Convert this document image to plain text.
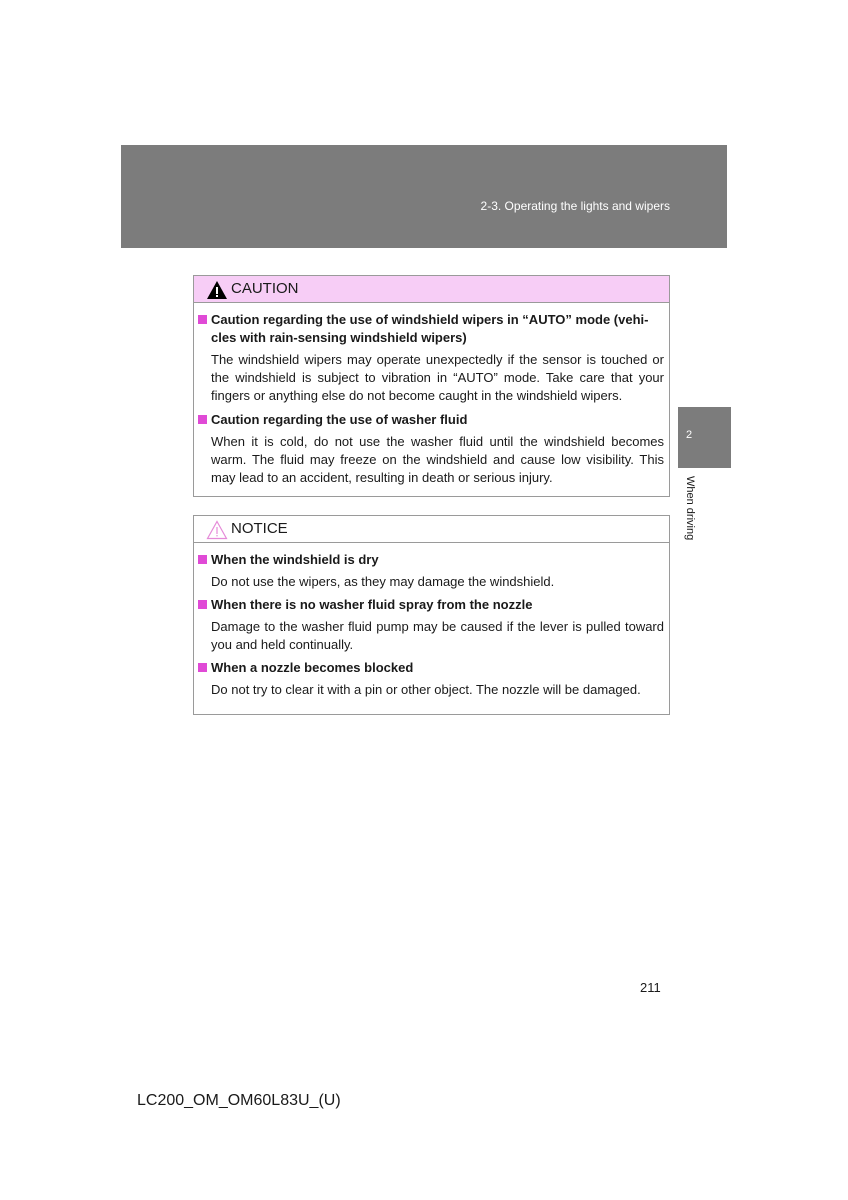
2-3. Operating the lights and wipers
2
When driving
CAUTION
Caution regarding the use of windshield wipers in “AUTO” mode (vehi-cles with rain-sensing windshield wipers)
The windshield wipers may operate unexpectedly if the sensor is touched or the windshield is subject to vibration in “AUTO” mode. Take care that your fingers or anything else do not become caught in the windshield wipers.
Caution regarding the use of washer fluid
When it is cold, do not use the washer fluid until the windshield becomes warm. The fluid may freeze on the windshield and cause low visibility. This may lead to an accident, resulting in death or serious injury.
NOTICE
When the windshield is dry
Do not use the wipers, as they may damage the windshield.
When there is no washer fluid spray from the nozzle
Damage to the washer fluid pump may be caused if the lever is pulled toward you and held continually.
When a nozzle becomes blocked
Do not try to clear it with a pin or other object. The nozzle will be damaged.
211
LC200_OM_OM60L83U_(U)
